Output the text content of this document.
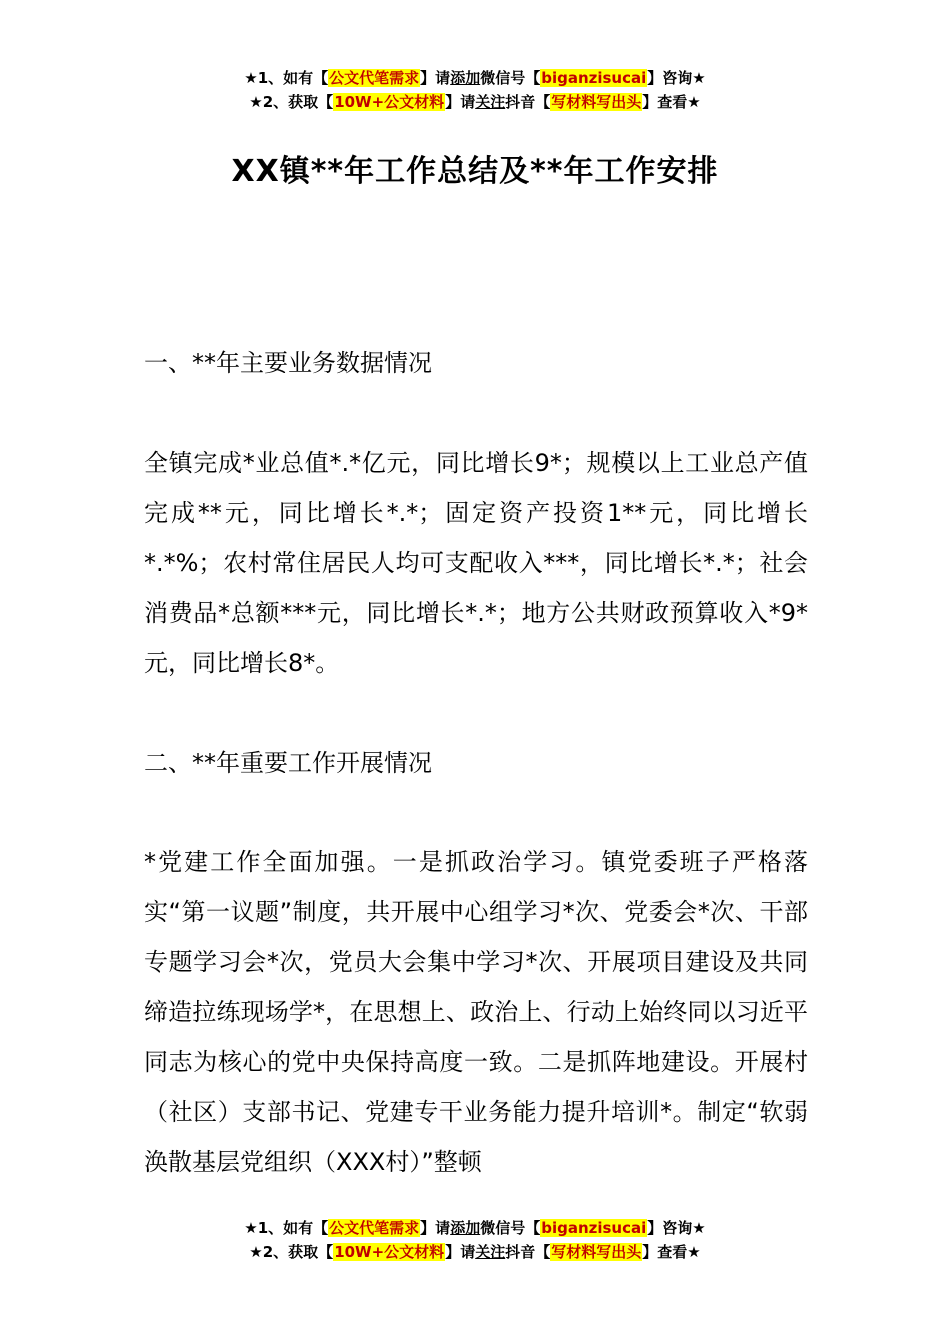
★1、如有【公文代笔需求】请添加微信号【biganzisucai】咨询★
★2、获取【10W+公文材料】请关注抖音【写材料写出头】查看★
XX镇**年工作总结及**年工作安排
一、**年主要业务数据情况
全镇完成*业总值*.*亿元，同比增长9*；规模以上工业总产值完成**元，同比增长*.*；固定资产投资1**元，同比增长*.*%；农村常住居民人均可支配收入***，同比增长*.*；社会消费品*总额***元，同比增长*.*；地方公共财政预算收入*9*元，同比增长8*。
二、**年重要工作开展情况
*党建工作全面加强。一是抓政治学习。镇党委班子严格落实“第一议题”制度，共开展中心组学习*次、党委会*次、干部专题学习会*次，党员大会集中学习*次、开展项目建设及共同缔造拉练现场学*，在思想上、政治上、行动上始终同以习近平同志为核心的党中央保持高度一致。二是抓阵地建设。开展村（社区）支部书记、党建专干业务能力提升培训*。制定“软弱涣散基层党组织（XXX村）”整顿
★1、如有【公文代笔需求】请添加微信号【biganzisucai】咨询★
★2、获取【10W+公文材料】请关注抖音【写材料写出头】查看★
